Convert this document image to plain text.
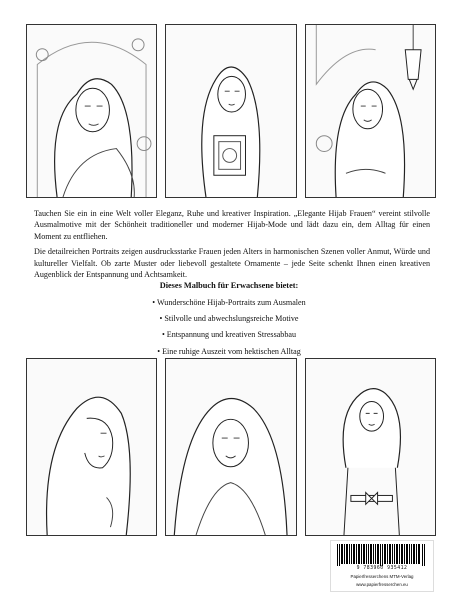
Tauchen Sie ein in eine Welt voller Eleganz, Ruhe und kreativer Inspiration. „Elegante Hijab Frauen“ vereint stilvolle Ausmalmotive mit der Schönheit traditioneller und moderner Hijab-Mode und lädt dazu ein, dem Alltag für einen Moment zu entfliehen.

Die detailreichen Portraits zeigen ausdrucksstarke Frauen jeden Alters in harmonischen Szenen voller Anmut, Würde und kultureller Vielfalt. Ob zarte Muster oder liebevoll gestaltete Ornamente – jede Seite schenkt Ihnen einen kreativen Augenblick der Entspannung und Achtsamkeit.

Dieses Malbuch für Erwachsene bietet:
• Wunderschöne Hijab-Portraits zum Ausmalen
• Stilvolle und abwechslungsreiche Motive
• Entspannung und kreativen Stressabbau
• Eine ruhige Auszeit vom hektischen Alltag
9 783960 935412
Papierfresserchens MTM-Verlag
www.papierfresserchen.eu
